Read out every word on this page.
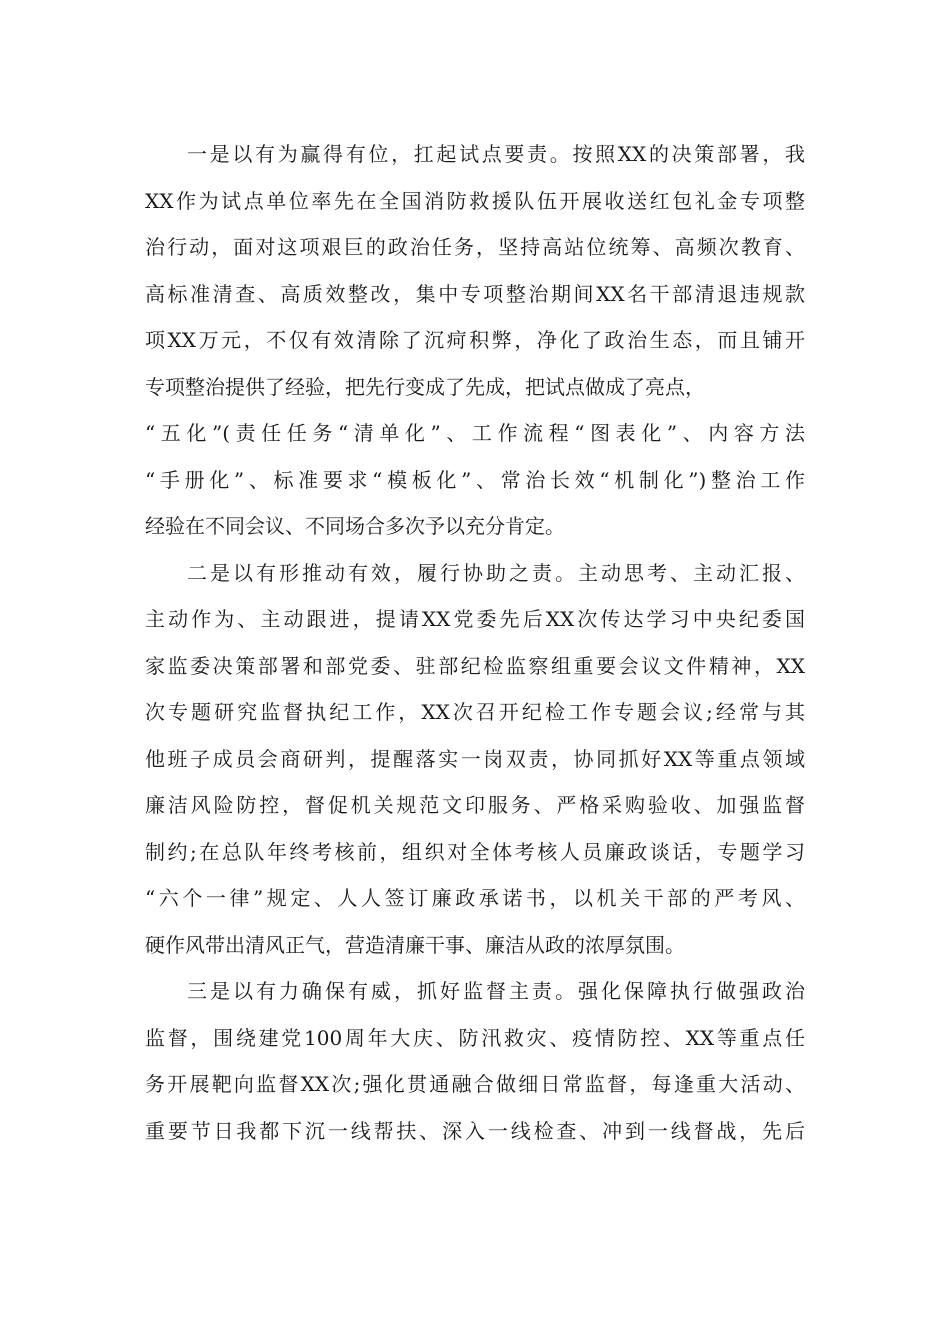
一是以有为赢得有位，扛起试点要责。按照XX的决策部署，我
XX作为试点单位率先在全国消防救援队伍开展收送红包礼金专项整
治行动，面对这项艰巨的政治任务，坚持高站位统筹、高频次教育、
高标准清查、高质效整改，集中专项整治期间XX名干部清退违规款
项XX万元，不仅有效清除了沉疴积弊，净化了政治生态，而且铺开
专项整治提供了经验，把先行变成了先成，把试点做成了亮点，
“五化”(责任任务“清单化”、工作流程“图表化”、内容方法
“手册化”、标准要求“模板化”、常治长效“机制化”)整治工作
经验在不同会议、不同场合多次予以充分肯定。
二是以有形推动有效，履行协助之责。主动思考、主动汇报、
主动作为、主动跟进，提请XX党委先后XX次传达学习中央纪委国
家监委决策部署和部党委、驻部纪检监察组重要会议文件精神，XX
次专题研究监督执纪工作，XX次召开纪检工作专题会议;经常与其
他班子成员会商研判，提醒落实一岗双责，协同抓好XX等重点领域
廉洁风险防控，督促机关规范文印服务、严格采购验收、加强监督
制约;在总队年终考核前，组织对全体考核人员廉政谈话，专题学习
“六个一律”规定、人人签订廉政承诺书，以机关干部的严考风、
硬作风带出清风正气，营造清廉干事、廉洁从政的浓厚氛围。
三是以有力确保有威，抓好监督主责。强化保障执行做强政治
监督，围绕建党100周年大庆、防汛救灾、疫情防控、XX等重点任
务开展靶向监督XX次;强化贯通融合做细日常监督，每逢重大活动、
重要节日我都下沉一线帮扶、深入一线检查、冲到一线督战，先后
